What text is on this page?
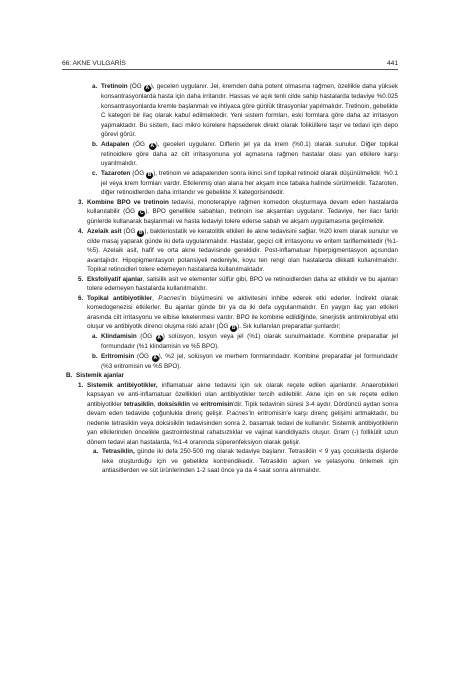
66: AKNE VULGARİS	441
a. Tretinoin (ÖG A ), geceleri uygulanır. Jel, kremden daha potent olmasına rağmen, özellikle daha yüksek konsantrasyonlarda hasta için daha irritandır. Hassas ve açık tenli cilde sahip hastalarda tedaviye %0.025 konsantrasyonlarda kremle başlanmalı ve ihtiyaca göre günlük titrasyonlar yapılmalıdır. Tretinoin, gebelikte C kategori bir ilaç olarak kabul edilmektedir. Yeni sistem formları, eski formlara göre daha az irritasyon yapmaktadır. Bu sistem, ilacı mikro kürelere hapsederek direkt olarak foliküllere taşır ve tedavi için depo görevi görür.
b. Adapalen (ÖG A ), geceleri uygulanır. Differin jel ya da krem (%0.1) olarak sunulur. Diğer topikal retinoidlere göre daha az cilt irritasyonuna yol açmasına rağmen hastalar olası yan etkilere karşı uyarılmalıdır.
c. Tazaroten (ÖG B ), tretinoin ve adapalenden sonra ikinci sınıf topikal retinoid olarak düşünülmelidir. %0.1 jel veya krem formları vardır. Etkilenmiş olan alana her akşam ince tabaka halinde sürülmelidir. Tazaroten, diğer retinoidlerden daha irritandır ve gebelikte X kategorisindedir.
3. Kombine BPO ve tretinoin tedavisi, monoterapiye rağmen komedon oluşturmaya devam eden hastalarda kullanılabilir (ÖG C ). BPO genellikle sabahları, tretinoin ise akşamları uygulanır. Tedaviye, her ilacı farklı günlerde kullanarak başlanmalı ve hasta tedaviyi tolere ederse sabah ve akşam uygulamasına geçilmelidir.
4. Azelaik asit (ÖG B ), bakteriostatik ve keratolitik etkileri ile akne tedavisini sağlar. %20 krem olarak sunulur ve cilde masaj yaparak günde iki defa uygulanmalıdır. Hastalar, geçici cilt irritasyonu ve eritem tariflemektedir (%1-%5). Azelaik asit, hafif ve orta akne tedavisinde gereklidir. Post-inflamatuar hiperpigmentasyon açısından avantajlıdır. Hipopigmentasyon potansiyeli nedeniyle, koyu ten rengi olan hastalarda dikkatli kullanılmalıdır. Topikal retinoidleri tolere edemeyen hastalarda kullanılmaktadır.
5. Eksfoliyatif ajanlar, salisilik asit ve elementer sülfür gibi, BPO ve retinoidlerden daha az etkilidir ve bu ajanları tolere edemeyen hastalarda kullanılmalıdır.
6. Topikal antibiyotikler, P.acnes'in büyümesini ve aktivitesini inhibe ederek etki ederler. İndirekt olarak komedogenezisi etkilerler. Bu ajanlar günde bir ya da iki defa uygulanmalıdır. En yaygın ilaç yan etkileri arasında cilt irritasyonu ve elbise lekelenmesi vardır. BPO ile kombine edildiğinde, sinerjistik antimikrobiyal etki oluşur ve antibiyotik direnci oluşma riski azalır (ÖG B ). Sık kullanılan preparatlar şunlardır;
a. Klindamisin (ÖG A ) solüsyon, losyon veya jel (%1) olarak sunulmaktadır. Kombine preparatlar jel formundadır (%1 klindamisin ve %5 BPO).
b. Eritromisin (ÖG A ), %2 jel, solüsyon ve merhem formlarındadır. Kombine preparatlar jel formundadır (%3 eritromisin ve %5 BPO).
B. Sistemik ajanlar
1. Sistemik antibiyotikler, inflamatuar akne tedavisi için sık olarak reçete edilen ajanlardır. Anaerobikleri kapsayan ve anti-inflamatuar özellikleri olan antibiyotikler tercih edilebilir. Akne için en sık reçete edilen antibiyotikler tetrasiklin, doksisiklin ve eritromisin'dir. Tipik tedavinin süresi 3-4 aydır. Dördüncü aydan sonra devam eden tedavide çoğunlukla direnç gelişir. P.acnes'in eritromisin'e karşı direnç gelişimi artmaktadır, bu nedenle tetrasiklin veya doksisiklin tedavisinden sonra 2. basamak tedavi de kullanılır. Sistemik antibiyotiklerin yan etkilerinden öncelikle gastrointestinal rahatsızlıklar ve vajinal kandidiyazis oluşur. Gram (-) follikülit uzun dönem tedavi alan hastalarda, %1-4 oranında süperenfeksiyon olarak gelişir.
a. Tetrasiklin, günde iki defa 250-500 mg olarak tedaviye başlanır. Tetrasiklin < 9 yaş çocuklarda dişlerde leke oluşturduğu için ve gebelikte kontrendikedir. Tetrasiklin açken ve şelasyonu önlemek için antiasitlerden ve süt ürünlerinden 1-2 saat önce ya da 4 saat sonra alınmalıdır.
